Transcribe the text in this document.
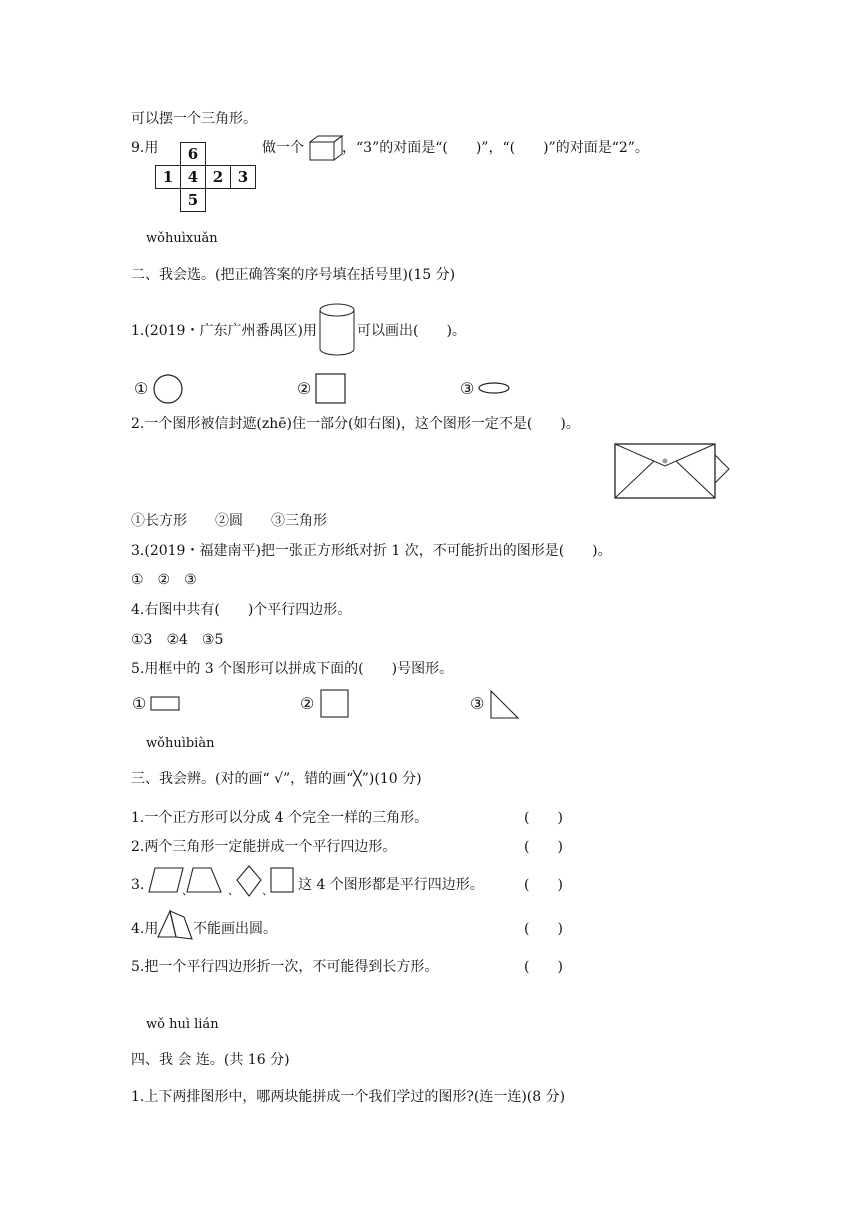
可以摆一个三角形。
9.用
	6		
1	4	2	3
	5		
做一个	，“3”的对面是“(　　)”，“(　　)”的对面是“2”。
wǒhuìxuǎn
二、我会选。(把正确答案的序号填在括号里)(15 分)
1.(2019・广东广州番禺区)用	可以画出(　　)。
①	②	③
2.一个图形被信封遮(zhē)住一部分(如右图)，这个图形一定不是(　　)。
①长方形　　②圆　　③三角形
3.(2019・福建南平)把一张正方形纸对折 1 次，不可能折出的图形是(　　)。
①　②　③
4.右图中共有(　　)个平行四边形。
①3　②4　③5
5.用框中的 3 个图形可以拼成下面的(　　)号图形。
①	②	③
wǒhuìbiàn
三、我会辨。(对的画“ √”，错的画“╳”)(10 分)
1.一个正方形可以分成 4 个完全一样的三角形。	(　　)
2.两个三角形一定能拼成一个平行四边形。	(　　)
3.	、	、 、 这 4 个图形都是平行四边形。	(　　)
4.用 不能画出圆。	(　　)
5.把一个平行四边形折一次，不可能得到长方形。	(　　)
wǒ huì lián
四、我 会 连。(共 16 分)
1.上下两排图形中，哪两块能拼成一个我们学过的图形?(连一连)(8 分)
